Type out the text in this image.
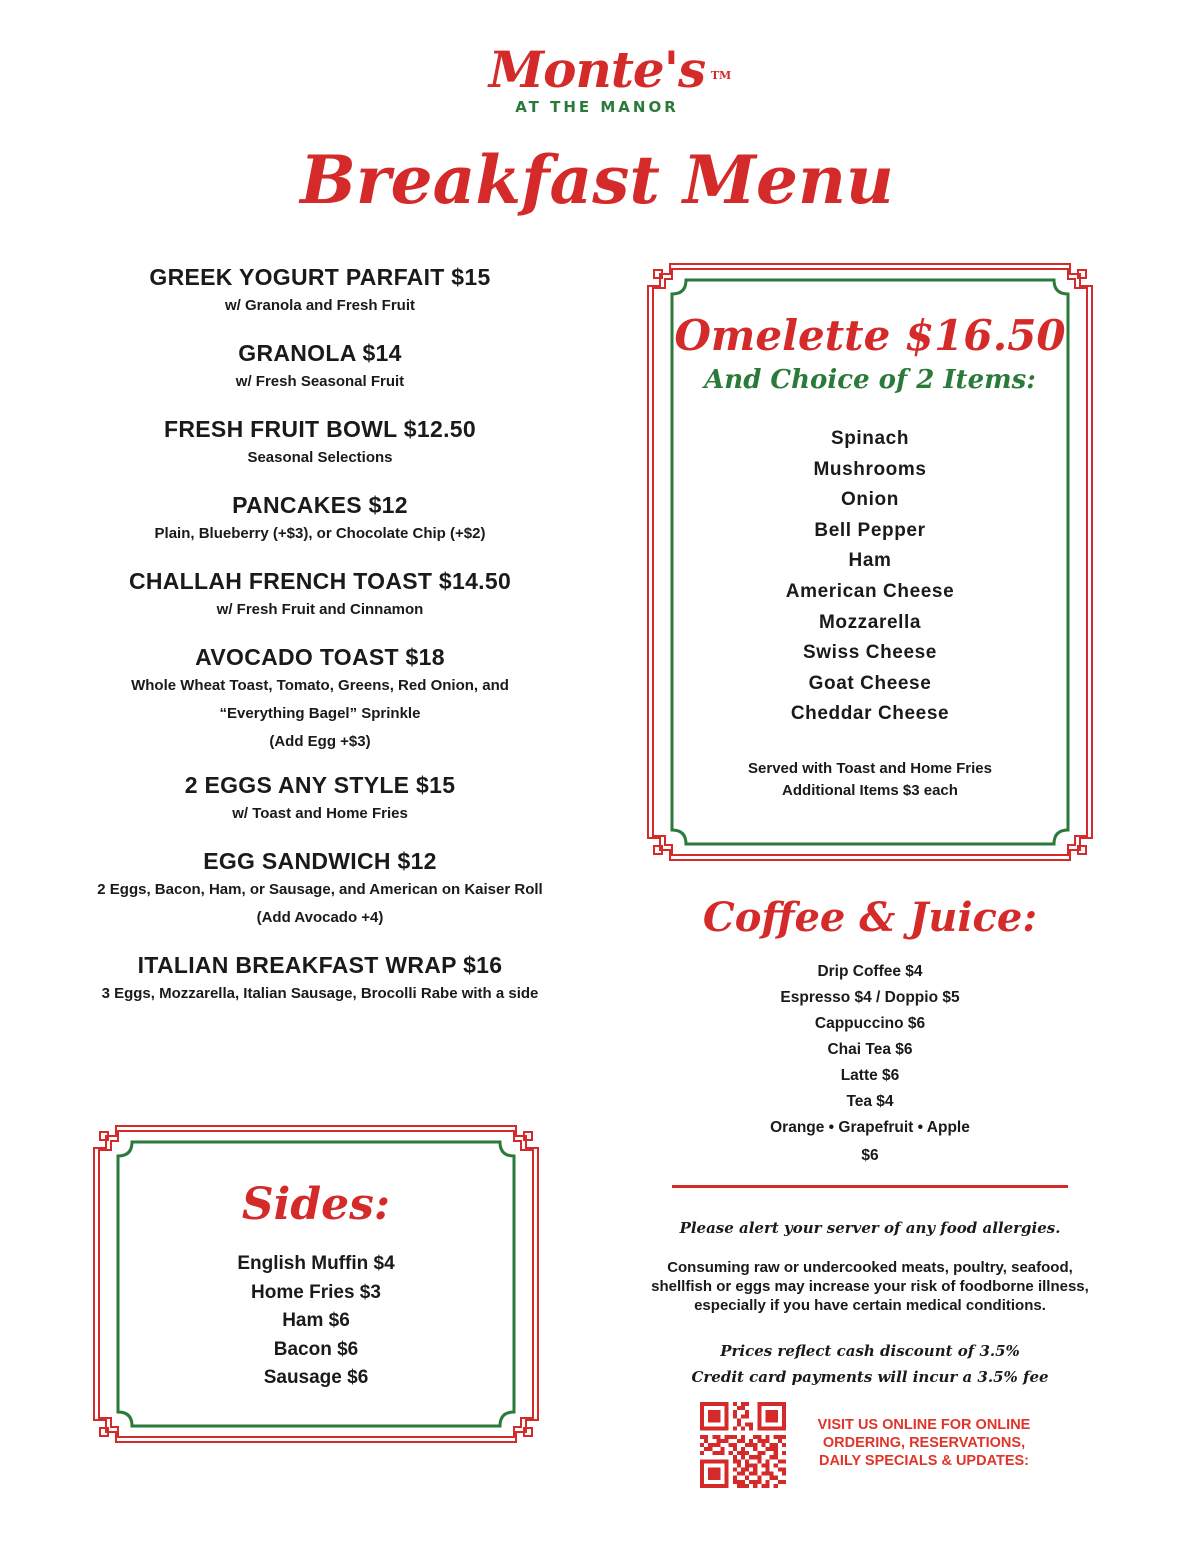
Monte's TM
AT THE MANOR
Breakfast Menu
GREEK YOGURT PARFAIT $15
w/ Granola and Fresh Fruit
GRANOLA $14
w/ Fresh Seasonal Fruit
FRESH FRUIT BOWL $12.50
Seasonal Selections
PANCAKES $12
Plain, Blueberry (+$3), or Chocolate Chip (+$2)
CHALLAH FRENCH TOAST $14.50
w/ Fresh Fruit and Cinnamon
AVOCADO TOAST $18
Whole Wheat Toast, Tomato, Greens, Red Onion, and
“Everything Bagel” Sprinkle
(Add Egg +$3)
2 EGGS ANY STYLE $15
w/ Toast and Home Fries
EGG SANDWICH $12
2 Eggs, Bacon, Ham, or Sausage, and American on Kaiser Roll
(Add Avocado +4)
ITALIAN BREAKFAST WRAP $16
3 Eggs, Mozzarella, Italian Sausage, Brocolli Rabe with a side
Omelette $16.50
And Choice of 2 Items:
Spinach
Mushrooms
Onion
Bell Pepper
Ham
American Cheese
Mozzarella
Swiss Cheese
Goat Cheese
Cheddar Cheese
Served with Toast and Home Fries
Additional Items $3 each
Coffee & Juice:
Drip Coffee $4
Espresso $4 / Doppio $5
Cappuccino $6
Chai Tea $6
Latte $6
Tea $4
Orange • Grapefruit • Apple
$6
Please alert your server of any food allergies.
Consuming raw or undercooked meats, poultry, seafood,
shellfish or eggs may increase your risk of foodborne illness,
especially if you have certain medical conditions.
Prices reflect cash discount of 3.5%
Credit card payments will incur a 3.5% fee
VISIT US ONLINE FOR ONLINE
ORDERING, RESERVATIONS,
DAILY SPECIALS & UPDATES:
Sides:
English Muffin $4
Home Fries $3
Ham $6
Bacon $6
Sausage $6
